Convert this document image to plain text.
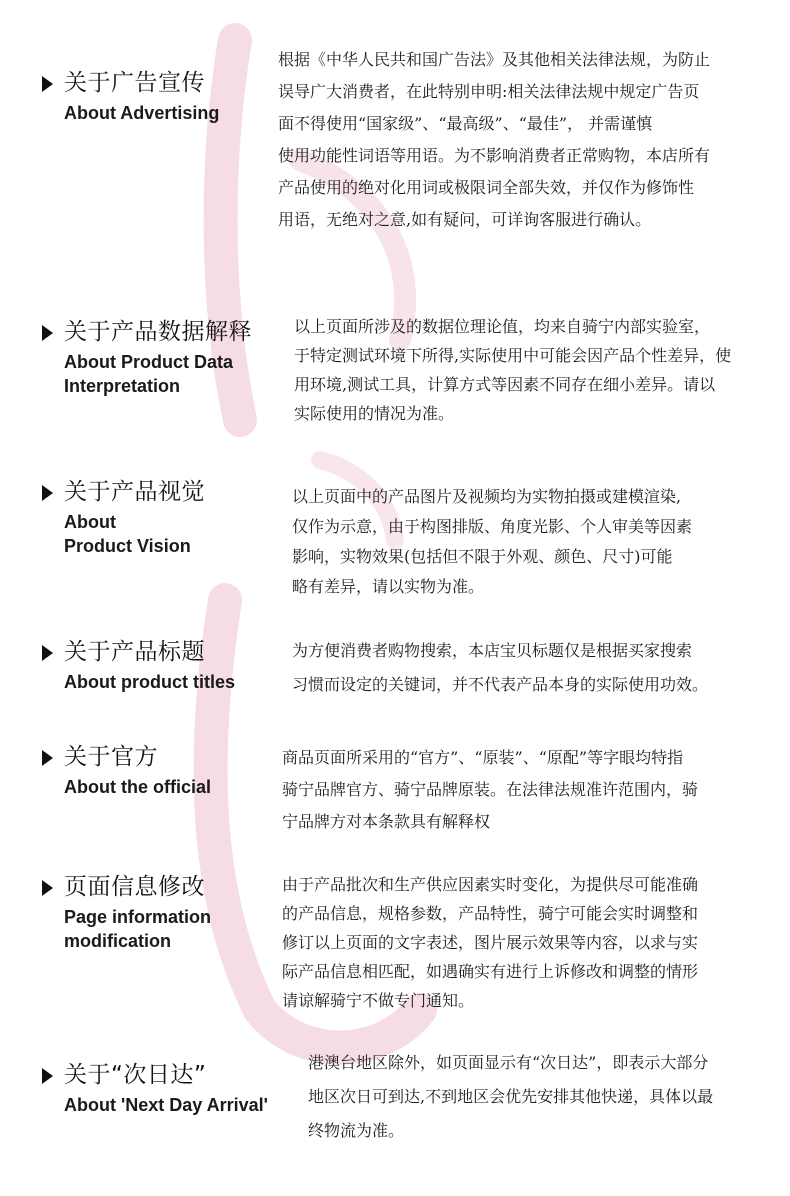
关于广告宣传
About Advertising
根据《中华人民共和国广告法》及其他相关法律法规，为防止
误导广大消费者，在此特别申明:相关法律法规中规定广告页
面不得使用“国家级”、“最高级”、“最佳”， 并需谨慎
使用功能性词语等用语。为不影响消费者正常购物，本店所有
产品使用的绝对化用词或极限词全部失效，并仅作为修饰性
用语，无绝对之意,如有疑问，可详询客服进行确认。
关于产品数据解释
About Product Data
Interpretation
以上页面所涉及的数据位理论值，均来自骑宁内部实验室，
于特定测试环境下所得,实际使用中可能会因产品个性差异，使
用环境,测试工具，计算方式等因素不同存在细小差异。请以
实际使用的情况为准。
关于产品视觉
About
Product Vision
以上页面中的产品图片及视频均为实物拍摄或建模渲染,
仅作为示意，由于构图排版、角度光影、个人审美等因素
影响，实物效果(包括但不限于外观、颜色、尺寸)可能
略有差异，请以实物为准。
关于产品标题
About product titles
为方便消费者购物搜索，本店宝贝标题仅是根据买家搜索
习惯而设定的关键词，并不代表产品本身的实际使用功效。
关于官方
About the official
商品页面所采用的“官方”、“原装”、“原配”等字眼均特指
骑宁品牌官方、骑宁品牌原装。在法律法规准许范围内，骑
宁品牌方对本条款具有解释权
页面信息修改
Page information
modification
由于产品批次和生产供应因素实时变化，为提供尽可能准确
的产品信息，规格参数，产品特性，骑宁可能会实时调整和
修订以上页面的文字表述，图片展示效果等内容，以求与实
际产品信息相匹配，如遇确实有进行上诉修改和调整的情形
请谅解骑宁不做专门通知。
关于“次日达”
About 'Next Day Arrival'
港澳台地区除外，如页面显示有“次日达”，即表示大部分
地区次日可到达,不到地区会优先安排其他快递，具体以最
终物流为准。
